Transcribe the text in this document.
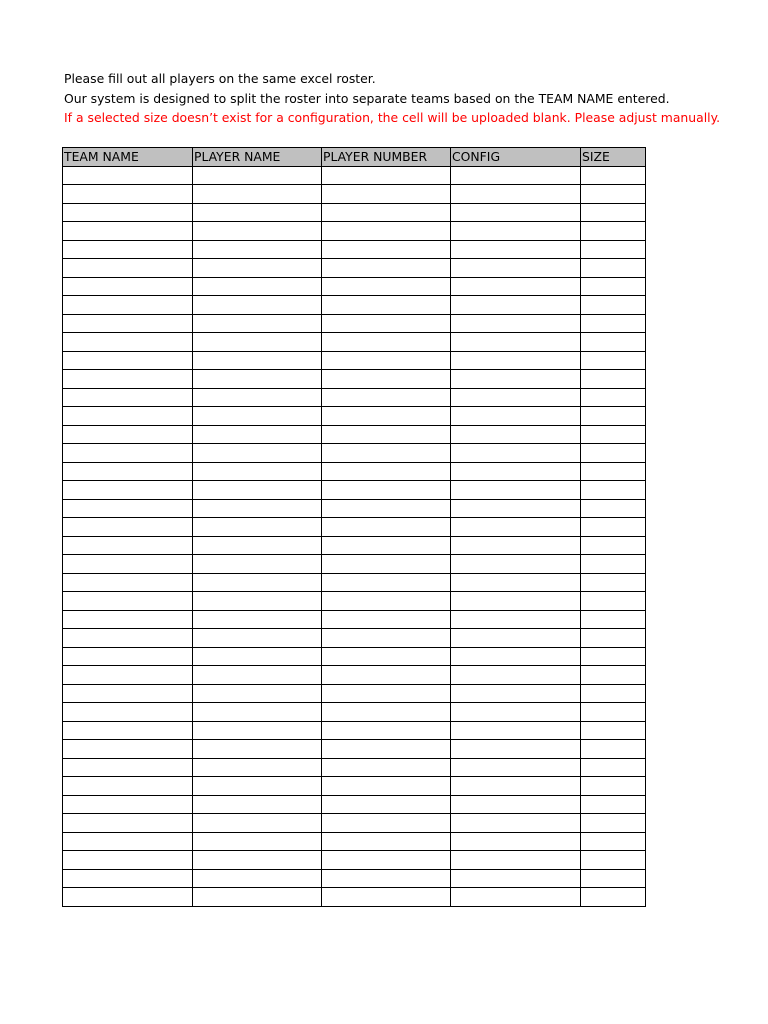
Please fill out all players on the same excel roster.
Our system is designed to split the roster into separate teams based on the TEAM NAME entered.
If a selected size doesn’t exist for a configuration, the cell will be uploaded blank. Please adjust manually.
TEAM NAME	PLAYER NAME	PLAYER NUMBER	CONFIG	SIZE
